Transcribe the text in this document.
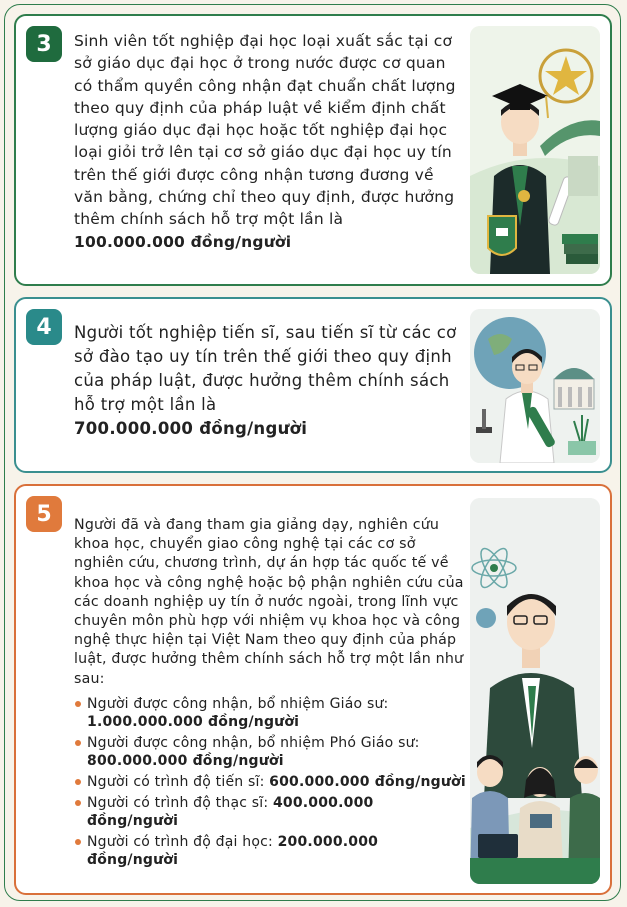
3	Sinh viên tốt nghiệp đại học loại xuất sắc tại cơ sở giáo dục đại học ở trong nước được cơ quan có thẩm quyền công nhận đạt chuẩn chất lượng theo quy định của pháp luật về kiểm định chất lượng giáo dục đại học hoặc tốt nghiệp đại học loại giỏi trở lên tại cơ sở giáo dục đại học uy tín trên thế giới được công nhận tương đương về văn bằng, chứng chỉ theo quy định, được hưởng thêm chính sách hỗ trợ một lần là
100.000.000 đồng/người
4	Người tốt nghiệp tiến sĩ, sau tiến sĩ từ các cơ sở đào tạo uy tín trên thế giới theo quy định của pháp luật, được hưởng thêm chính sách hỗ trợ một lần là
700.000.000 đồng/người
5	Người đã và đang tham gia giảng dạy, nghiên cứu khoa học, chuyển giao công nghệ tại các cơ sở nghiên cứu, chương trình, dự án hợp tác quốc tế về khoa học và công nghệ hoặc bộ phận nghiên cứu của các doanh nghiệp uy tín ở nước ngoài, trong lĩnh vực chuyên môn phù hợp với nhiệm vụ khoa học và công nghệ thực hiện tại Việt Nam theo quy định của pháp luật, được hưởng thêm chính sách hỗ trợ một lần như sau:
Người được công nhận, bổ nhiệm Giáo sư:
1.000.000.000 đồng/người
Người được công nhận, bổ nhiệm Phó Giáo sư:
800.000.000 đồng/người
Người có trình độ tiến sĩ: 600.000.000 đồng/người
Người có trình độ thạc sĩ: 400.000.000 đồng/người
Người có trình độ đại học: 200.000.000 đồng/người
